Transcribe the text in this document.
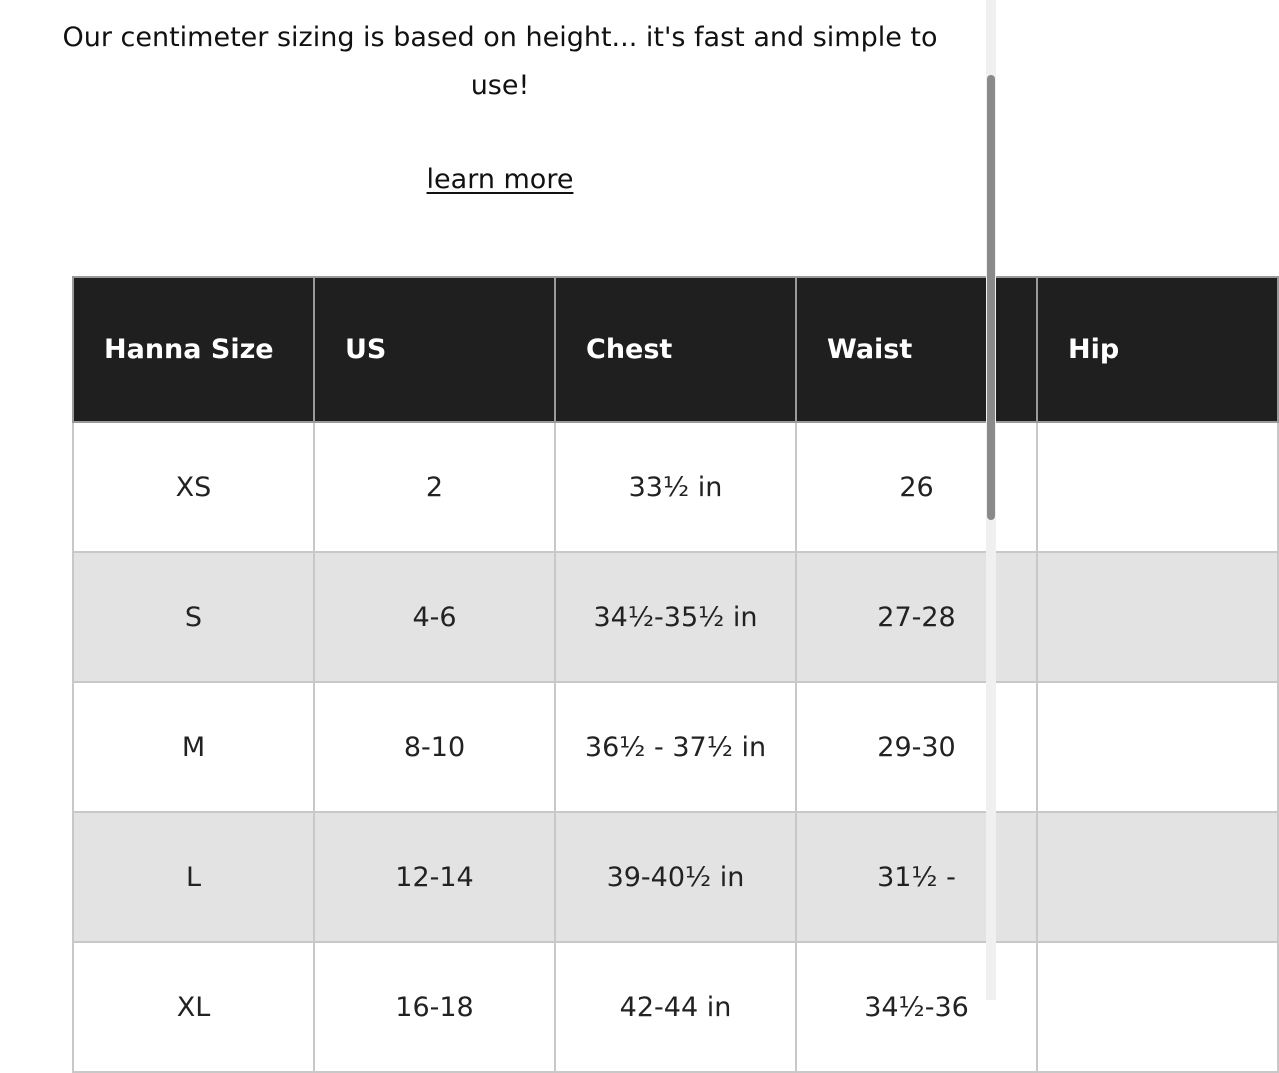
Our centimeter sizing is based on height... it's fast and simple to use!
learn more
Hanna Size	US	Chest	Waist	Hip
XS	2	33½ in	26	
S	4-6	34½-35½ in	27-28	
M	8-10	36½ - 37½ in	29-30	
L	12-14	39-40½ in	31½ -	
XL	16-18	42-44 in	34½-36	
